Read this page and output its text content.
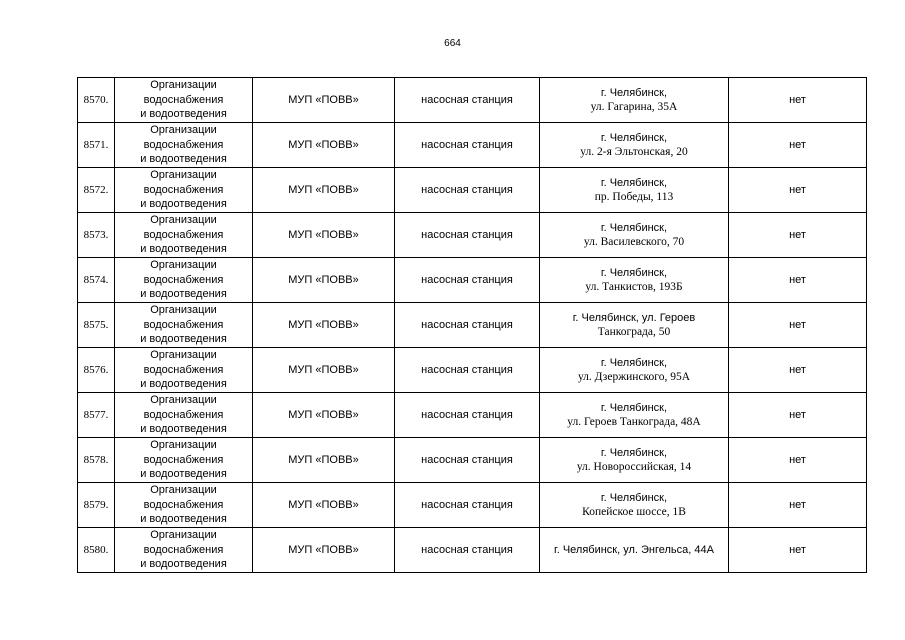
664
8570.	Организации
водоснабжения
и водоотведения	МУП «ПОВВ»	насосная станция	г. Челябинск,
ул. Гагарина, 35А	нет
8571.	Организации
водоснабжения
и водоотведения	МУП «ПОВВ»	насосная станция	г. Челябинск,
ул. 2-я Эльтонская, 20	нет
8572.	Организации
водоснабжения
и водоотведения	МУП «ПОВВ»	насосная станция	г. Челябинск,
пр. Победы, 113	нет
8573.	Организации
водоснабжения
и водоотведения	МУП «ПОВВ»	насосная станция	г. Челябинск,
ул. Василевского, 70	нет
8574.	Организации
водоснабжения
и водоотведения	МУП «ПОВВ»	насосная станция	г. Челябинск,
ул. Танкистов, 193Б	нет
8575.	Организации
водоснабжения
и водоотведения	МУП «ПОВВ»	насосная станция	г. Челябинск, ул. Героев
Танкограда, 50	нет
8576.	Организации
водоснабжения
и водоотведения	МУП «ПОВВ»	насосная станция	г. Челябинск,
ул. Дзержинского, 95А	нет
8577.	Организации
водоснабжения
и водоотведения	МУП «ПОВВ»	насосная станция	г. Челябинск,
ул. Героев Танкограда, 48А	нет
8578.	Организации
водоснабжения
и водоотведения	МУП «ПОВВ»	насосная станция	г. Челябинск,
ул. Новороссийская, 14	нет
8579.	Организации
водоснабжения
и водоотведения	МУП «ПОВВ»	насосная станция	г. Челябинск,
Копейское шоссе, 1В	нет
8580.	Организации
водоснабжения
и водоотведения	МУП «ПОВВ»	насосная станция	г. Челябинск, ул. Энгельса, 44А	нет
